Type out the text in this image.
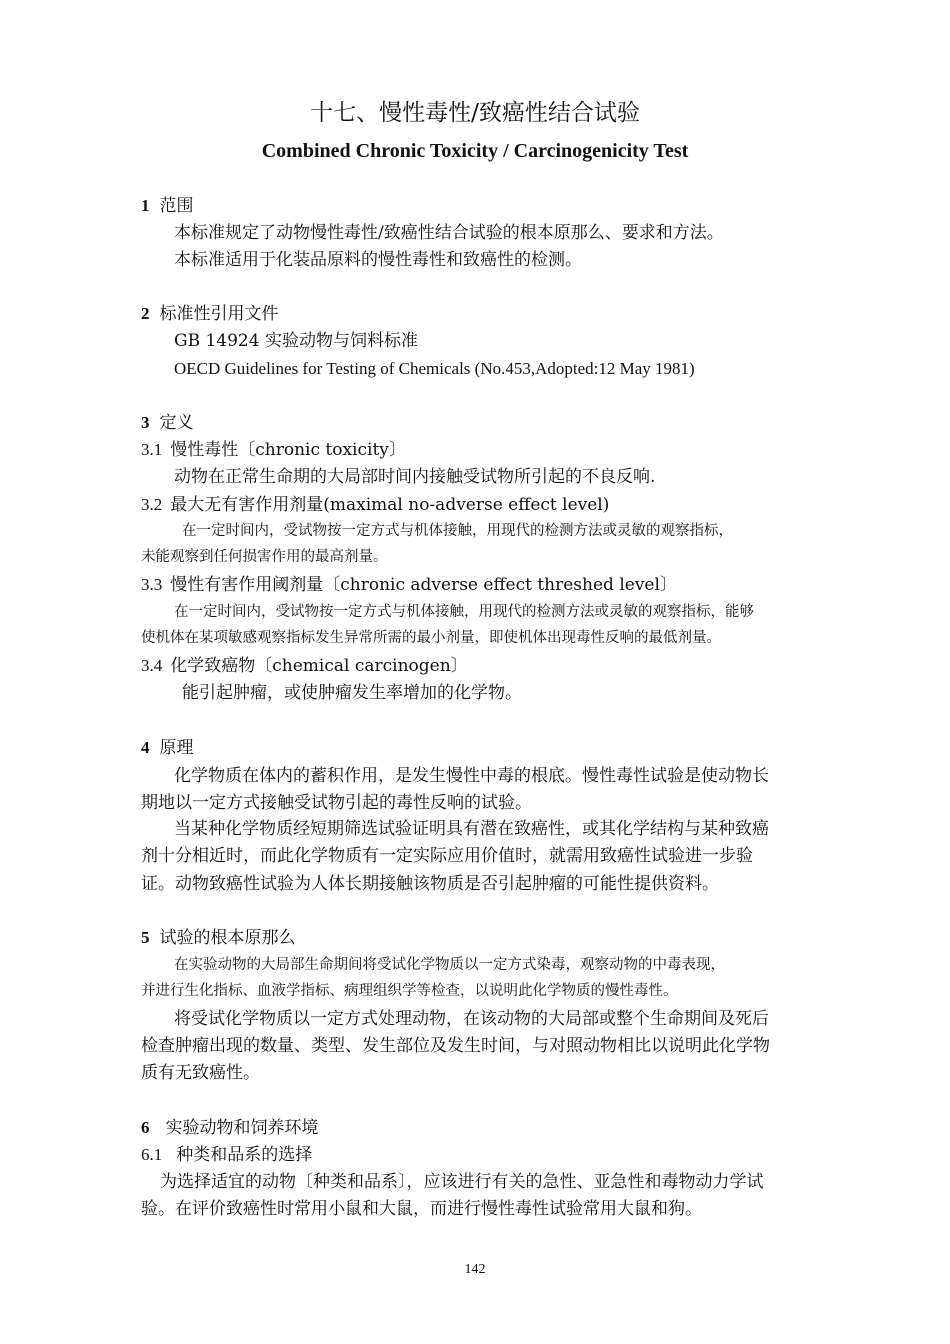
十七、慢性毒性/致癌性结合试验
Combined Chronic Toxicity / Carcinogenicity Test
1 范围
本标准规定了动物慢性毒性/致癌性结合试验的根本原那么、要求和方法。
本标准适用于化装品原料的慢性毒性和致癌性的检测。
2 标准性引用文件
GB 14924 实验动物与饲料标准
OECD Guidelines for Testing of Chemicals (No.453,Adopted:12 May 1981)
3 定义
3.1 慢性毒性〔chronic toxicity〕
动物在正常生命期的大局部时间内接触受试物所引起的不良反响.
3.2 最大无有害作用剂量(maximal no-adverse effect level)
在一定时间内，受试物按一定方式与机体接触，用现代的检测方法或灵敏的观察指标，
未能观察到任何损害作用的最高剂量。
3.3 慢性有害作用阈剂量〔chronic adverse effect threshed level〕
在一定时间内，受试物按一定方式与机体接触，用现代的检测方法或灵敏的观察指标，能够
使机体在某项敏感观察指标发生异常所需的最小剂量，即使机体出现毒性反响的最低剂量。
3.4 化学致癌物〔chemical carcinogen〕
能引起肿瘤，或使肿瘤发生率增加的化学物。
4 原理
化学物质在体内的蓄积作用，是发生慢性中毒的根底。慢性毒性试验是使动物长
期地以一定方式接触受试物引起的毒性反响的试验。
当某种化学物质经短期筛选试验证明具有潜在致癌性，或其化学结构与某种致癌
剂十分相近时，而此化学物质有一定实际应用价值时，就需用致癌性试验进一步验
证。动物致癌性试验为人体长期接触该物质是否引起肿瘤的可能性提供资料。
5 试验的根本原那么
在实验动物的大局部生命期间将受试化学物质以一定方式染毒，观察动物的中毒表现，
并进行生化指标、血液学指标、病理组织学等检查，以说明此化学物质的慢性毒性。
将受试化学物质以一定方式处理动物，在该动物的大局部或整个生命期间及死后
检查肿瘤出现的数量、类型、发生部位及发生时间，与对照动物相比以说明此化学物
质有无致癌性。
6 实验动物和饲养环境
6.1 种类和品系的选择
为选择适宜的动物〔种类和品系〕，应该进行有关的急性、亚急性和毒物动力学试
验。在评价致癌性时常用小鼠和大鼠，而进行慢性毒性试验常用大鼠和狗。
142
